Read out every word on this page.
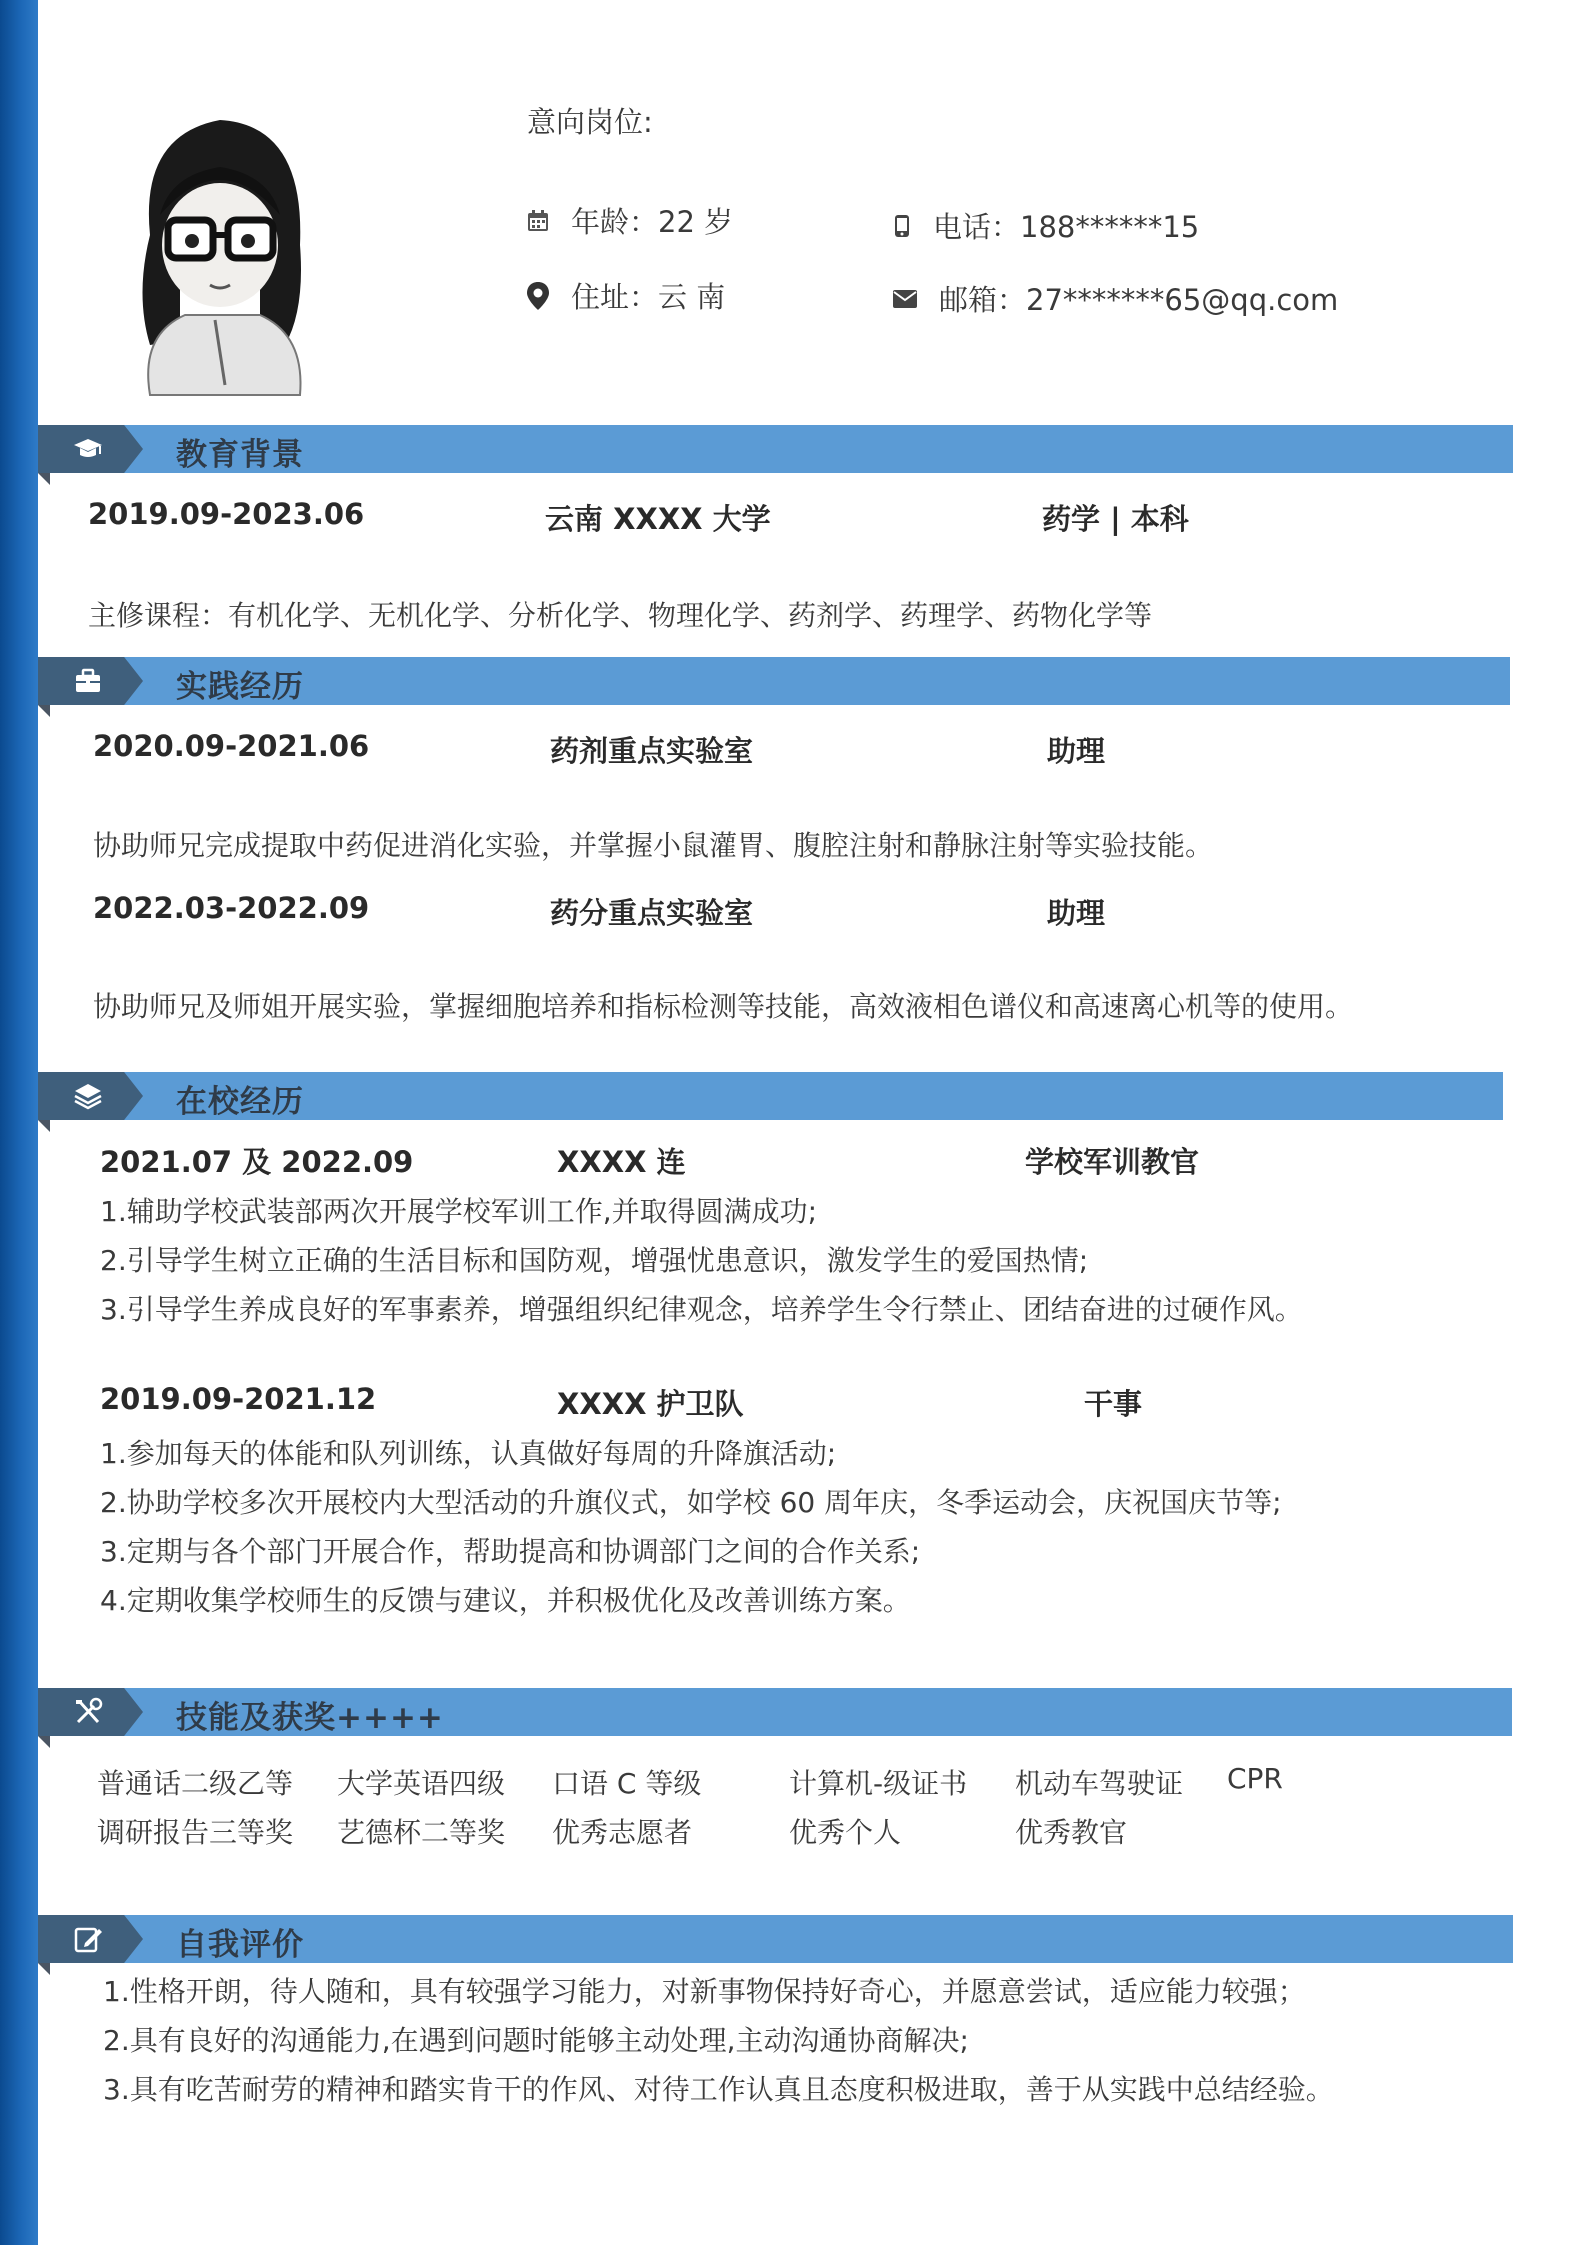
意向岗位:
年龄：22 岁	电话：188******15
住址：云 南	邮箱：27*******65@qq.com
教育背景
2019.09-2023.06	云南 XXXX 大学	药学 | 本科
主修课程：有机化学、无机化学、分析化学、物理化学、药剂学、药理学、药物化学等
实践经历
2020.09-2021.06	药剂重点实验室	助理
协助师兄完成提取中药促进消化实验，并掌握小鼠灌胃、腹腔注射和静脉注射等实验技能。
2022.03-2022.09	药分重点实验室	助理
协助师兄及师姐开展实验，掌握细胞培养和指标检测等技能，高效液相色谱仪和高速离心机等的使用。
在校经历
2021.07 及 2022.09	XXXX 连	学校军训教官
1.辅助学校武装部两次开展学校军训工作,并取得圆满成功;
2.引导学生树立正确的生活目标和国防观，增强忧患意识，激发学生的爱国热情;
3.引导学生养成良好的军事素养，增强组织纪律观念，培养学生令行禁止、团结奋进的过硬作风。
2019.09-2021.12	XXXX 护卫队	干事
1.参加每天的体能和队列训练，认真做好每周的升降旗活动;
2.协助学校多次开展校内大型活动的升旗仪式，如学校 60 周年庆，冬季运动会，庆祝国庆节等;
3.定期与各个部门开展合作，帮助提高和协调部门之间的合作关系;
4.定期收集学校师生的反馈与建议，并积极优化及改善训练方案。
技能及获奖++++
普通话二级乙等 大学英语四级 口语 C 等级	计算机-级证书 机动车驾驶证 CPR
调研报告三等奖 艺德杯二等奖 优秀志愿者	优秀个人	优秀教官
自我评价
1.性格开朗，待人随和，具有较强学习能力，对新事物保持好奇心，并愿意尝试，适应能力较强；
2.具有良好的沟通能力,在遇到问题时能够主动处理,主动沟通协商解决;
3.具有吃苦耐劳的精神和踏实肯干的作风、对待工作认真且态度积极进取，善于从实践中总结经验。
